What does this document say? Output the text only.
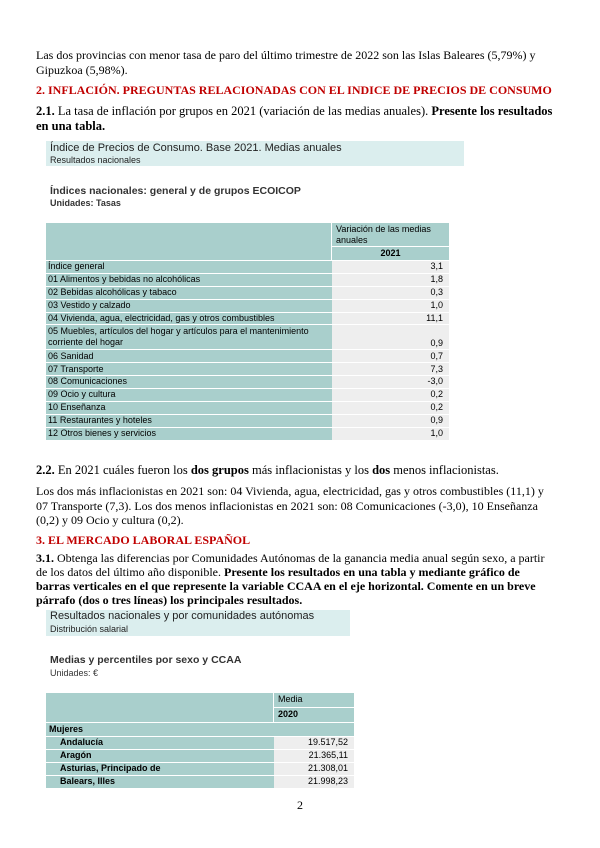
Las dos provincias con menor tasa de paro del último trimestre de 2022 son las Islas Baleares (5,79%) y Gipuzkoa (5,98%).
2. INFLACIÓN. PREGUNTAS RELACIONADAS CON EL INDICE DE PRECIOS DE CONSUMO
2.1. La tasa de inflación por grupos en 2021 (variación de las medias anuales). Presente los resultados en una tabla.
Índice de Precios de Consumo. Base 2021. Medias anuales
Resultados nacionales
Índices nacionales: general y de grupos ECOICOP
Unidades: Tasas
Variación de las medias anuales
2021
Índice general	3,1
01 Alimentos y bebidas no alcohólicas	1,8
02 Bebidas alcohólicas y tabaco	0,3
03 Vestido y calzado	1,0
04 Vivienda, agua, electricidad, gas y otros combustibles	11,1
05 Muebles, artículos del hogar y artículos para el mantenimiento corriente del hogar	0,9
06 Sanidad	0,7
07 Transporte	7,3
08 Comunicaciones	-3,0
09 Ocio y cultura	0,2
10 Enseñanza	0,2
11 Restaurantes y hoteles	0,9
12 Otros bienes y servicios	1,0
2.2. En 2021 cuáles fueron los dos grupos más inflacionistas y los dos menos inflacionistas.
Los dos más inflacionistas en 2021 son: 04 Vivienda, agua, electricidad, gas y otros combustibles (11,1) y 07 Transporte (7,3). Los dos menos inflacionistas en 2021 son: 08 Comunicaciones (-3,0), 10 Enseñanza (0,2) y 09 Ocio y cultura (0,2).
3. EL MERCADO LABORAL ESPAÑOL
3.1. Obtenga las diferencias por Comunidades Autónomas de la ganancia media anual según sexo, a partir de los datos del último año disponible. Presente los resultados en una tabla y mediante gráfico de barras verticales en el que represente la variable CCAA en el eje horizontal. Comente en un breve párrafo (dos o tres líneas) los principales resultados.
Resultados nacionales y por comunidades autónomas
Distribución salarial
Medias y percentiles por sexo y CCAA
Unidades: €
Media
2020
Mujeres
Andalucía	19.517,52
Aragón	21.365,11
Asturias, Principado de	21.308,01
Balears, Illes	21.998,23
2
